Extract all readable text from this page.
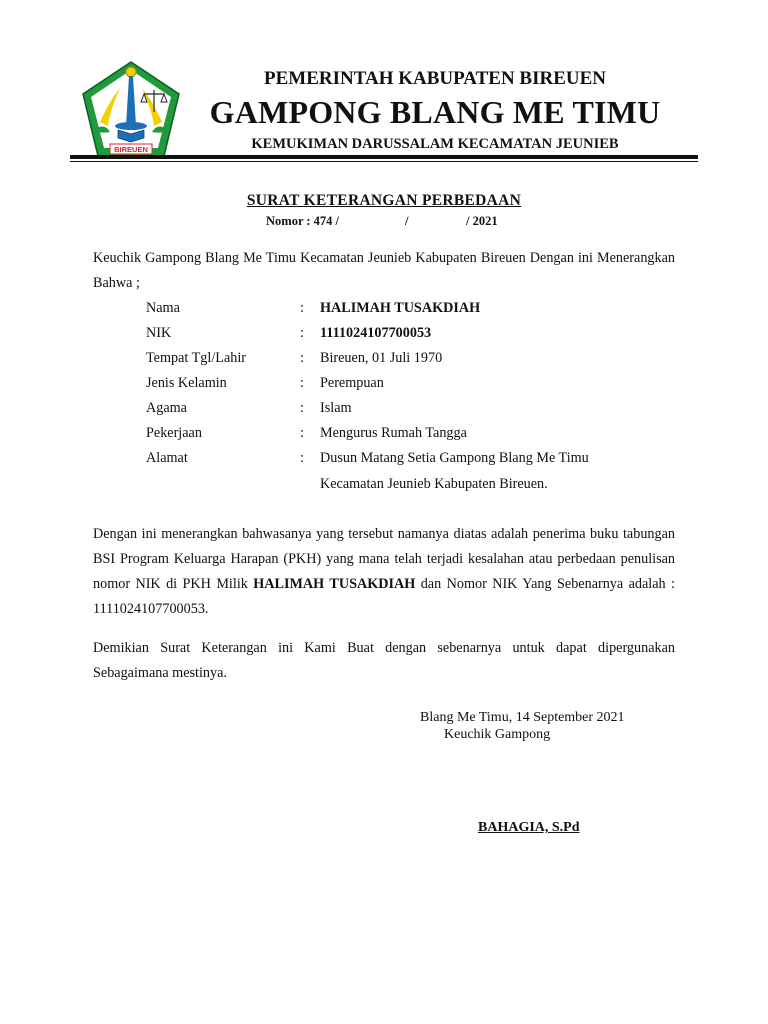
BIREUEN
PEMERINTAH KABUPATEN BIREUEN
GAMPONG BLANG ME TIMU
KEMUKIMAN DARUSSALAM KECAMATAN JEUNIEB
SURAT KETERANGAN PERBEDAAN
Nomor : 474 /	/	/ 2021
Keuchik Gampong Blang Me Timu Kecamatan Jeunieb Kabupaten Bireuen Dengan ini Menerangkan Bahwa ;
Nama	: HALIMAH TUSAKDIAH
NIK	: 1111024107700053
Tempat Tgl/Lahir	: Bireuen, 01 Juli 1970
Jenis Kelamin	: Perempuan
Agama	: Islam
Pekerjaan	: Mengurus Rumah Tangga
Alamat	: Dusun Matang Setia Gampong Blang Me Timu
Kecamatan Jeunieb Kabupaten Bireuen.
Dengan ini menerangkan bahwasanya yang tersebut namanya diatas adalah penerima buku tabungan BSI Program Keluarga Harapan (PKH) yang mana telah terjadi kesalahan atau perbedaan penulisan nomor NIK di PKH Milik HALIMAH TUSAKDIAH dan Nomor NIK Yang Sebenarnya adalah : 1111024107700053.
Demikian Surat Keterangan ini Kami Buat dengan sebenarnya untuk dapat dipergunakan Sebagaimana mestinya.
Blang Me Timu, 14 September 2021
Keuchik Gampong
BAHAGIA, S.Pd
